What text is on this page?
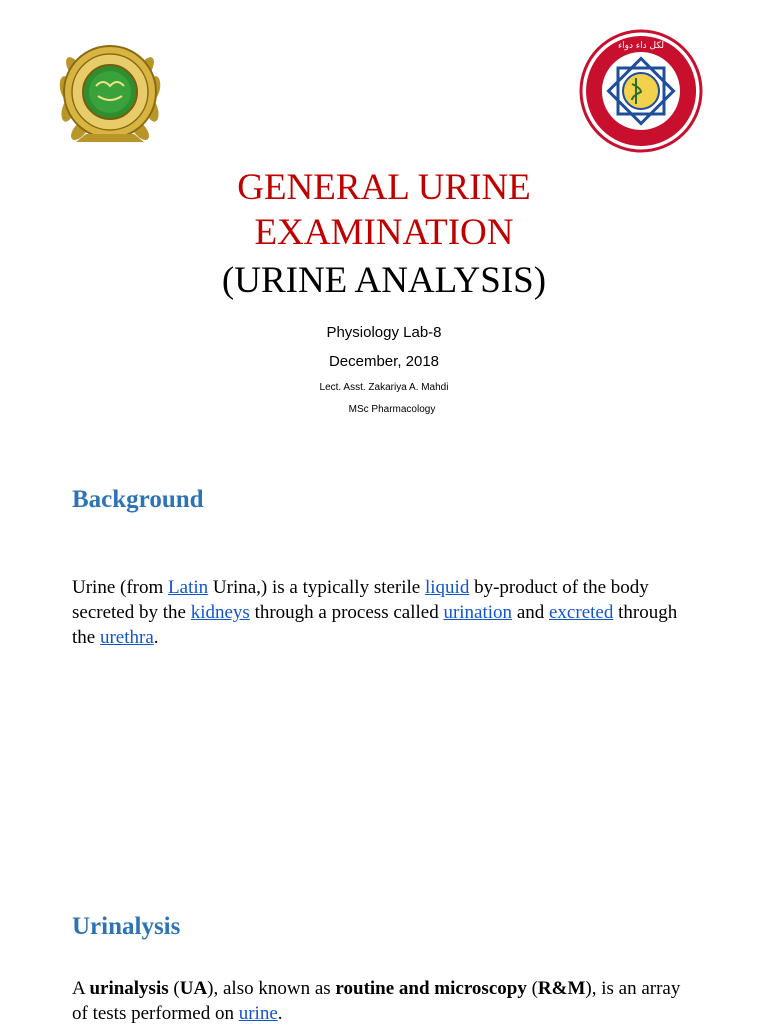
لكل داء دواء
GENERAL URINE
EXAMINATION
(URINE ANALYSIS)
Physiology Lab-8
December, 2018
Lect. Asst. Zakariya A. Mahdi
MSc Pharmacology
Background
Urine (from Latin Urina,) is a typically sterile liquid by-product of the body secreted by the kidneys through a process called urination and excreted through the urethra.
Urinalysis
A urinalysis (UA), also known as routine and microscopy (R&M), is an array of tests performed on urine.
